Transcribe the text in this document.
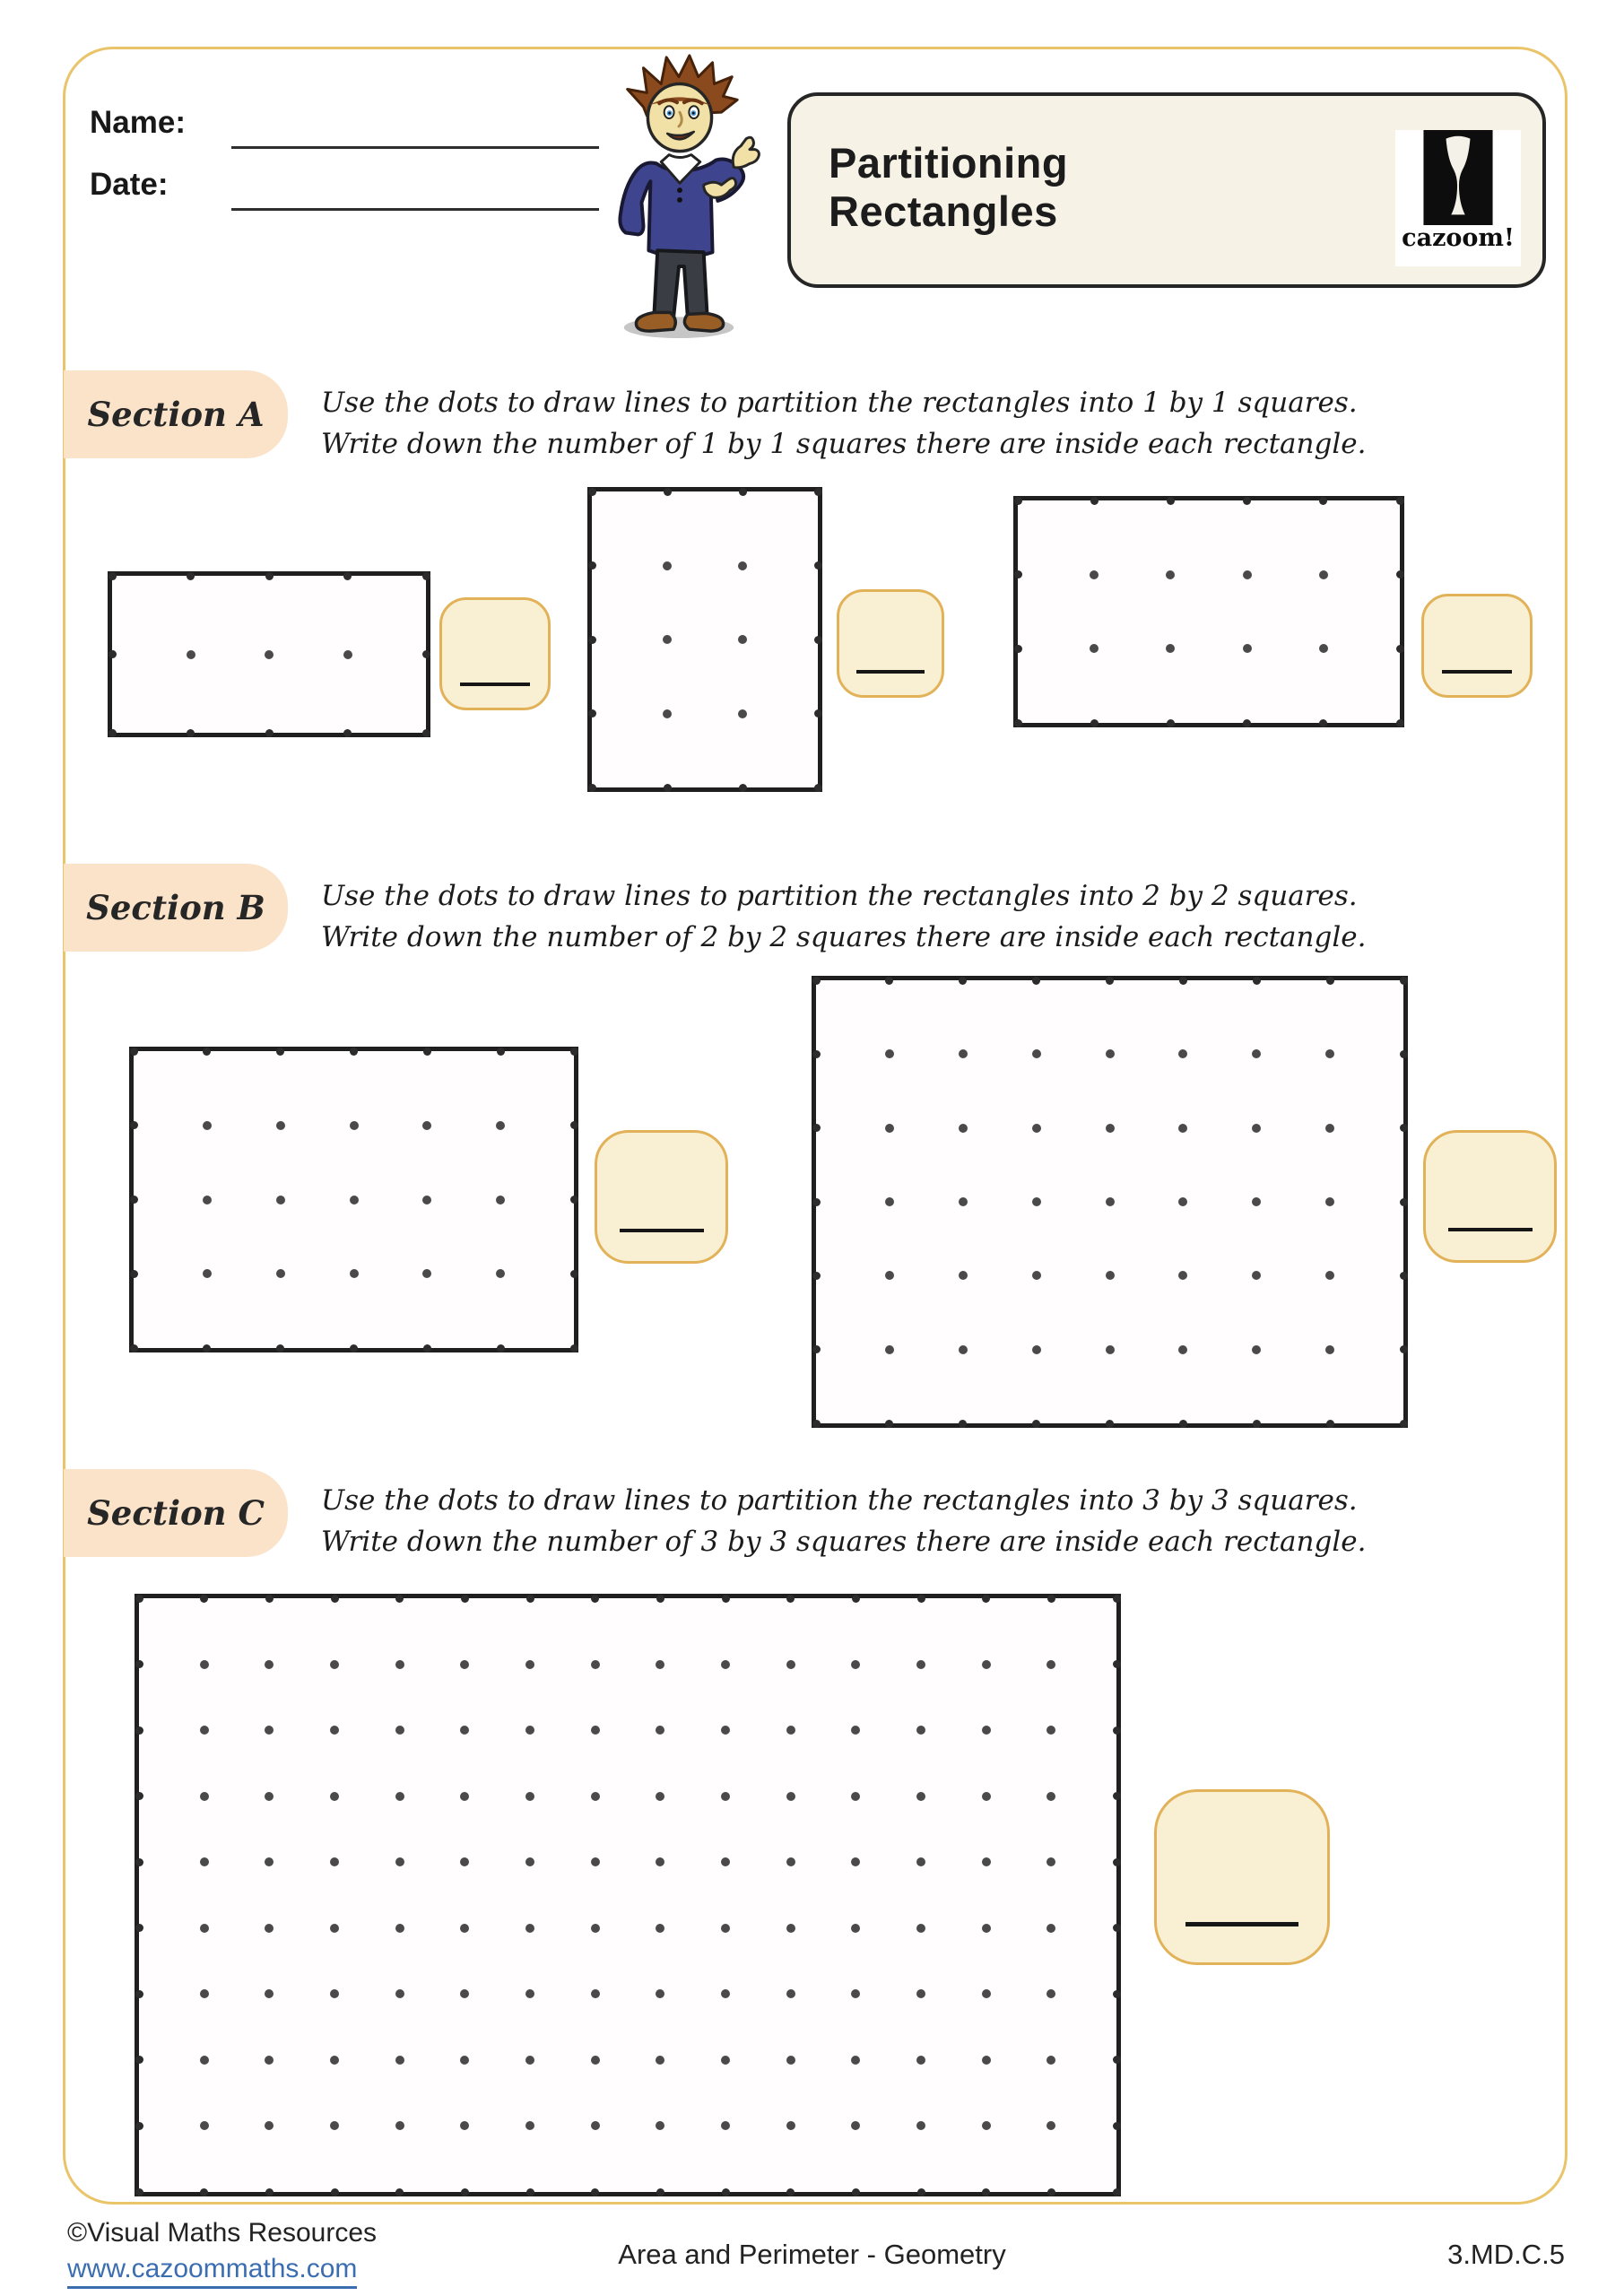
Name:
Date:	Partitioning
Rectangles
cazoom!
Section A Use the dots to draw lines to partition the rectangles into 1 by 1 squares.
Write down the number of 1 by 1 squares there are inside each rectangle.
Section B Use the dots to draw lines to partition the rectangles into 2 by 2 squares.
Write down the number of 2 by 2 squares there are inside each rectangle.
Section C Use the dots to draw lines to partition the rectangles into 3 by 3 squares.
Write down the number of 3 by 3 squares there are inside each rectangle.
©Visual Maths Resources
www.cazoommaths.com	Area and Perimeter - Geometry	3.MD.C.5
